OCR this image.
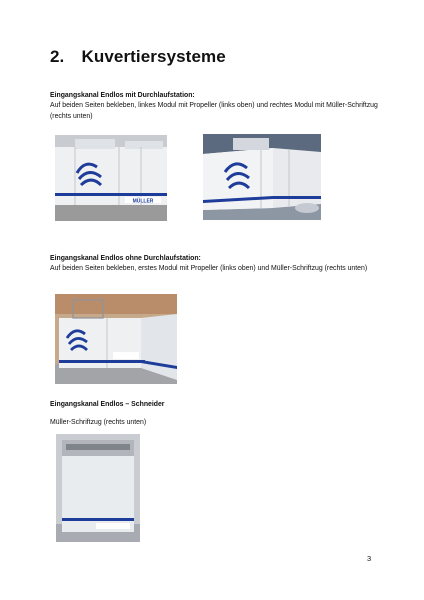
2. Kuvertiersysteme
Eingangskanal Endlos mit Durchlaufstation:
Auf beiden Seiten bekleben, linkes Modul mit Propeller (links oben) und rechtes Modul mit Müller-Schriftzug (rechts unten)
MÜLLER
Eingangskanal Endlos ohne Durchlaufstation:
Auf beiden Seiten bekleben, erstes Modul mit Propeller (links oben) und Müller-Schriftzug (rechts unten)
Eingangskanal Endlos – Schneider
Müller-Schriftzug (rechts unten)
3
